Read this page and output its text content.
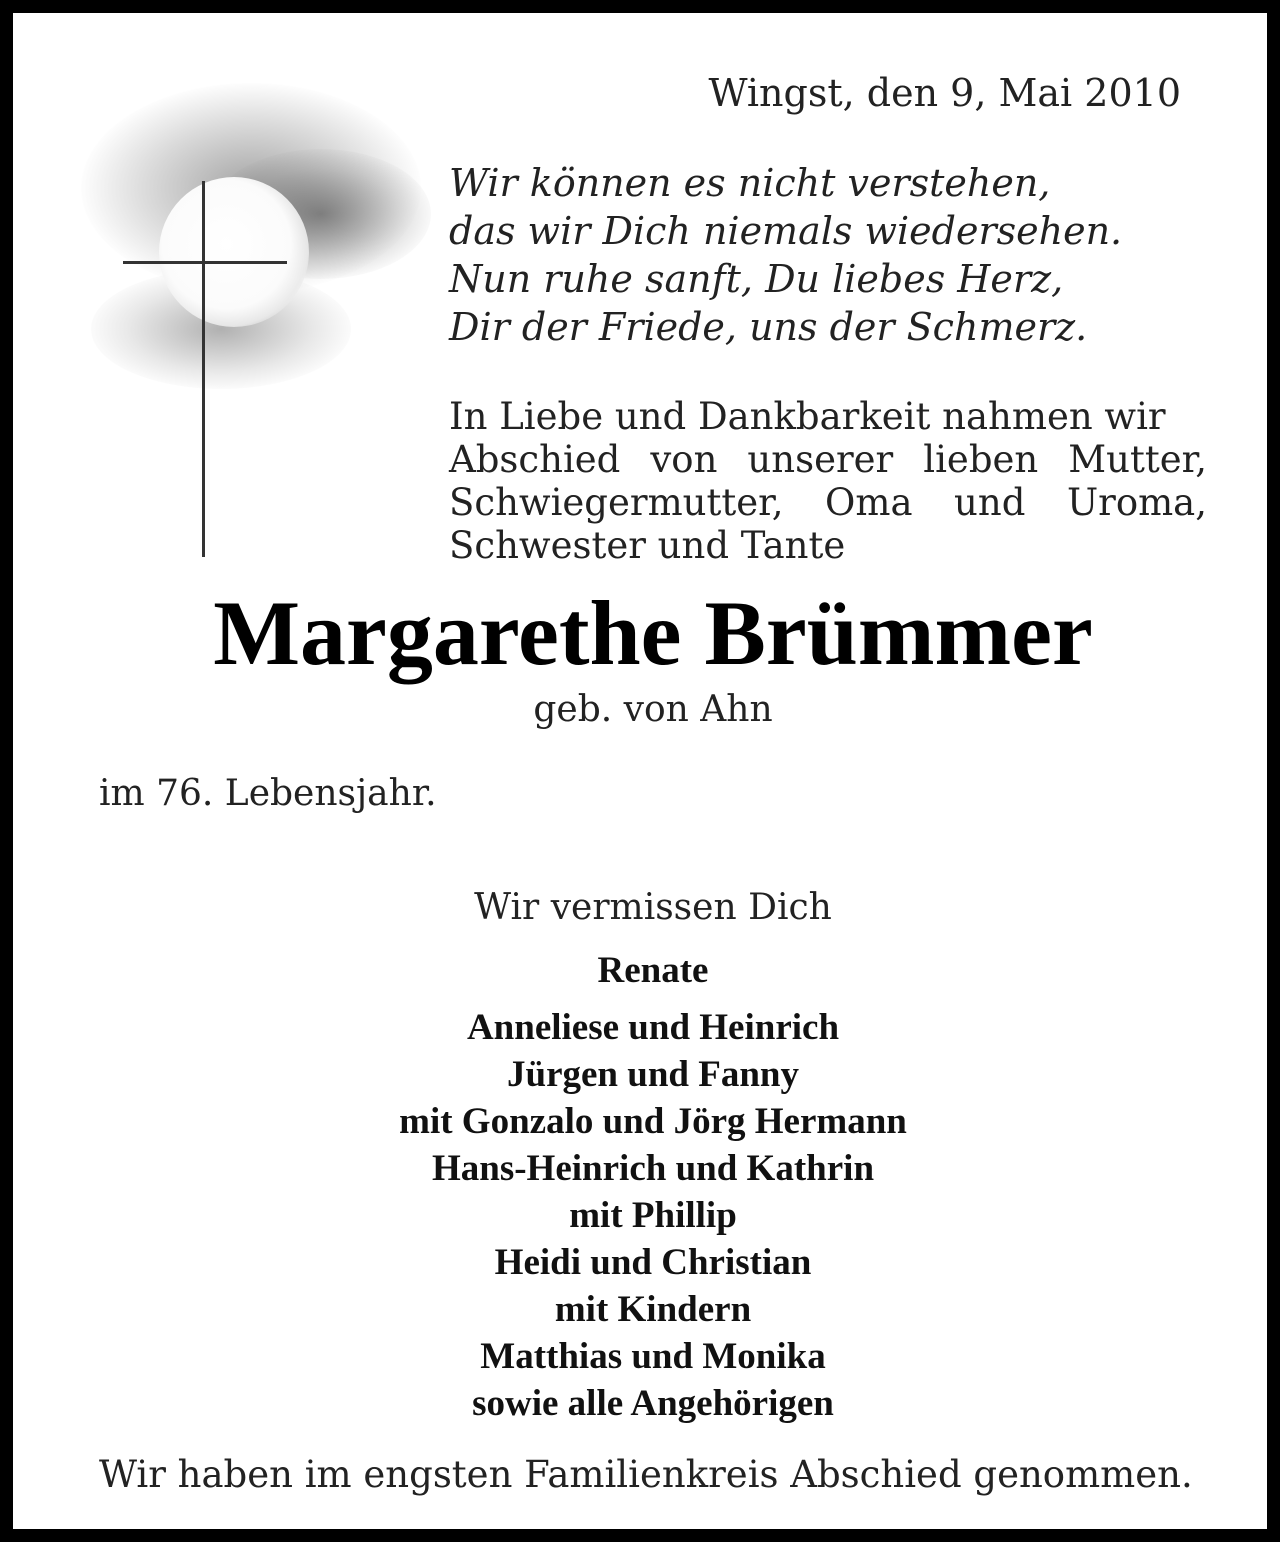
Wingst, den 9, Mai 2010
Wir können es nicht verstehen,
das wir Dich niemals wiedersehen.
Nun ruhe sanft, Du liebes Herz,
Dir der Friede, uns der Schmerz.
In Liebe und Dankbarkeit nahmen wir
Abschied von unserer lieben Mutter,
Schwiegermutter, Oma und Uroma,
Schwester und Tante
Margarethe Brümmer
geb. von Ahn
im 76. Lebensjahr.
Wir vermissen Dich
Renate
Anneliese und Heinrich
Jürgen und Fanny
mit Gonzalo und Jörg Hermann
Hans-Heinrich und Kathrin
mit Phillip
Heidi und Christian
mit Kindern
Matthias und Monika
sowie alle Angehörigen
Wir haben im engsten Familienkreis Abschied genommen.
